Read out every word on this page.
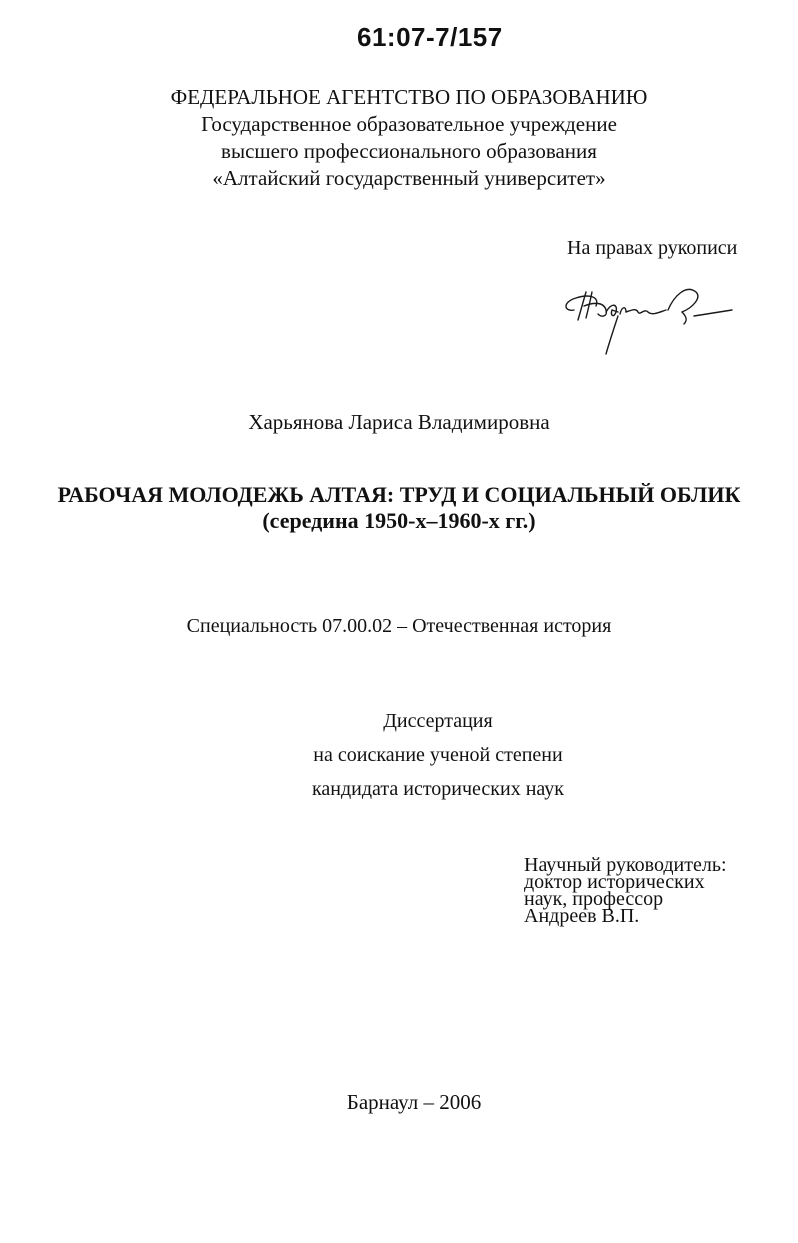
61:07-7/157
ФЕДЕРАЛЬНОЕ АГЕНТСТВО ПО ОБРАЗОВАНИЮ
Государственное образовательное учреждение
высшего профессионального образования
«Алтайский государственный университет»
На правах рукописи
Харьянова Лариса Владимировна
РАБОЧАЯ МОЛОДЕЖЬ АЛТАЯ: ТРУД И СОЦИАЛЬНЫЙ ОБЛИК
(середина 1950-х–1960-х гг.)
Специальность 07.00.02 – Отечественная история
Диссертация
на соискание ученой степени
кандидата исторических наук
Научный руководитель:
доктор исторических
наук, профессор
Андреев В.П.
Барнаул – 2006
